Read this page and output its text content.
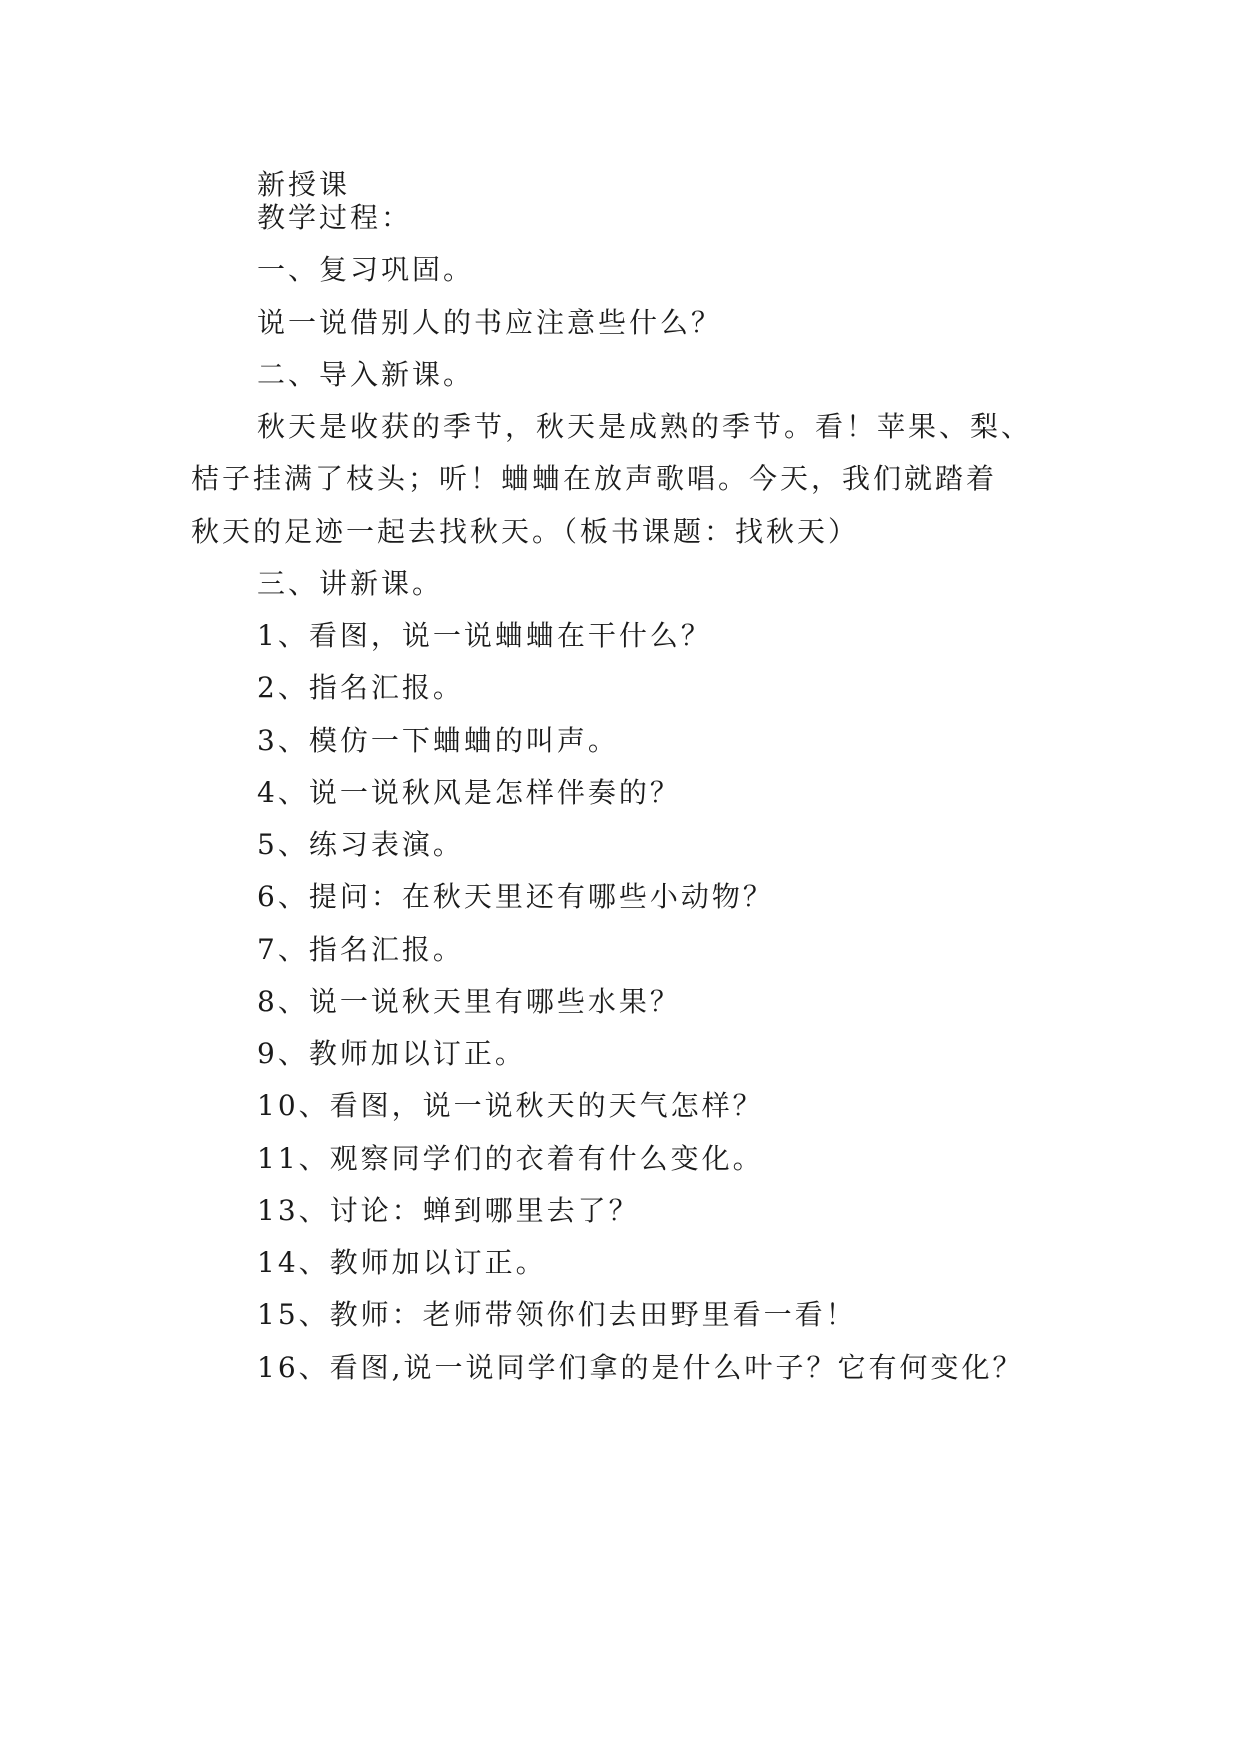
新授课
教学过程：
一、复习巩固。
说一说借别人的书应注意些什么？
二、导入新课。
秋天是收获的季节，秋天是成熟的季节。看！苹果、梨、
桔子挂满了枝头；听！蛐蛐在放声歌唱。今天，我们就踏着
秋天的足迹一起去找秋天。（板书课题：找秋天）
三、讲新课。
1、看图，说一说蛐蛐在干什么？
2、指名汇报。
3、模仿一下蛐蛐的叫声。
4、说一说秋风是怎样伴奏的？
5、练习表演。
6、提问：在秋天里还有哪些小动物？
7、指名汇报。
8、说一说秋天里有哪些水果？
9、教师加以订正。
10、看图，说一说秋天的天气怎样？
11、观察同学们的衣着有什么变化。
13、讨论：蝉到哪里去了？
14、教师加以订正。
15、教师：老师带领你们去田野里看一看！
16、看图,说一说同学们拿的是什么叶子？它有何变化？
